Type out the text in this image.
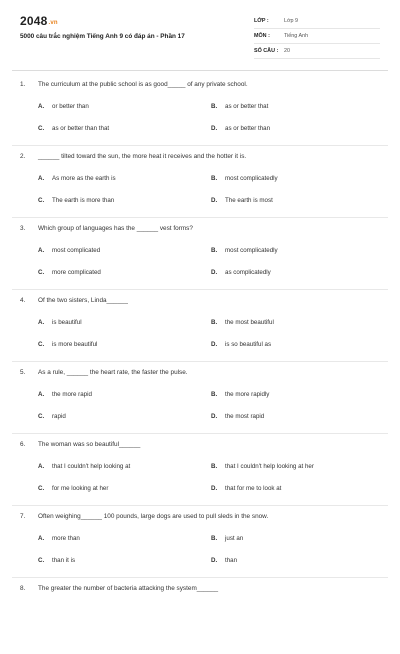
2048.vn
5000 câu trắc nghiệm Tiếng Anh 9 có đáp án - Phần 17
LỚP :	Lớp 9
MÔN :	Tiếng Anh
SỐ CÂU :	20
1. The curriculum at the public school is as good_____ of any private school.
A. or better than	B. as or better that
C. as or better than that	D. as or better than
2. ______ tilted toward the sun, the more heat it receives and the hotter it is.
A. As more as the earth is	B. most complicatedly
C. The earth is more than	D. The earth is most
3. Which group of languages has the ______ vest forms?
A. most complicated	B. most complicatedly
C. more complicated	D. as complicatedly
4. Of the two sisters, Linda______
A. is beautiful	B. the most beautiful
C. is more beautiful	D. is so beautiful as
5. As a rule, ______ the heart rate, the faster the pulse.
A. the more rapid	B. the more rapidly
C. rapid	D. the most rapid
6. The woman was so beautiful______
A. that I couldn't help looking at	B. that I couldn't help looking at her
C. for me looking at her	D. that for me to look at
7. Often weighing______ 100 pounds, large dogs are used to pull sleds in the snow.
A. more than	B. just an
C. than it is	D. than
8. The greater the number of bacteria attacking the system______
